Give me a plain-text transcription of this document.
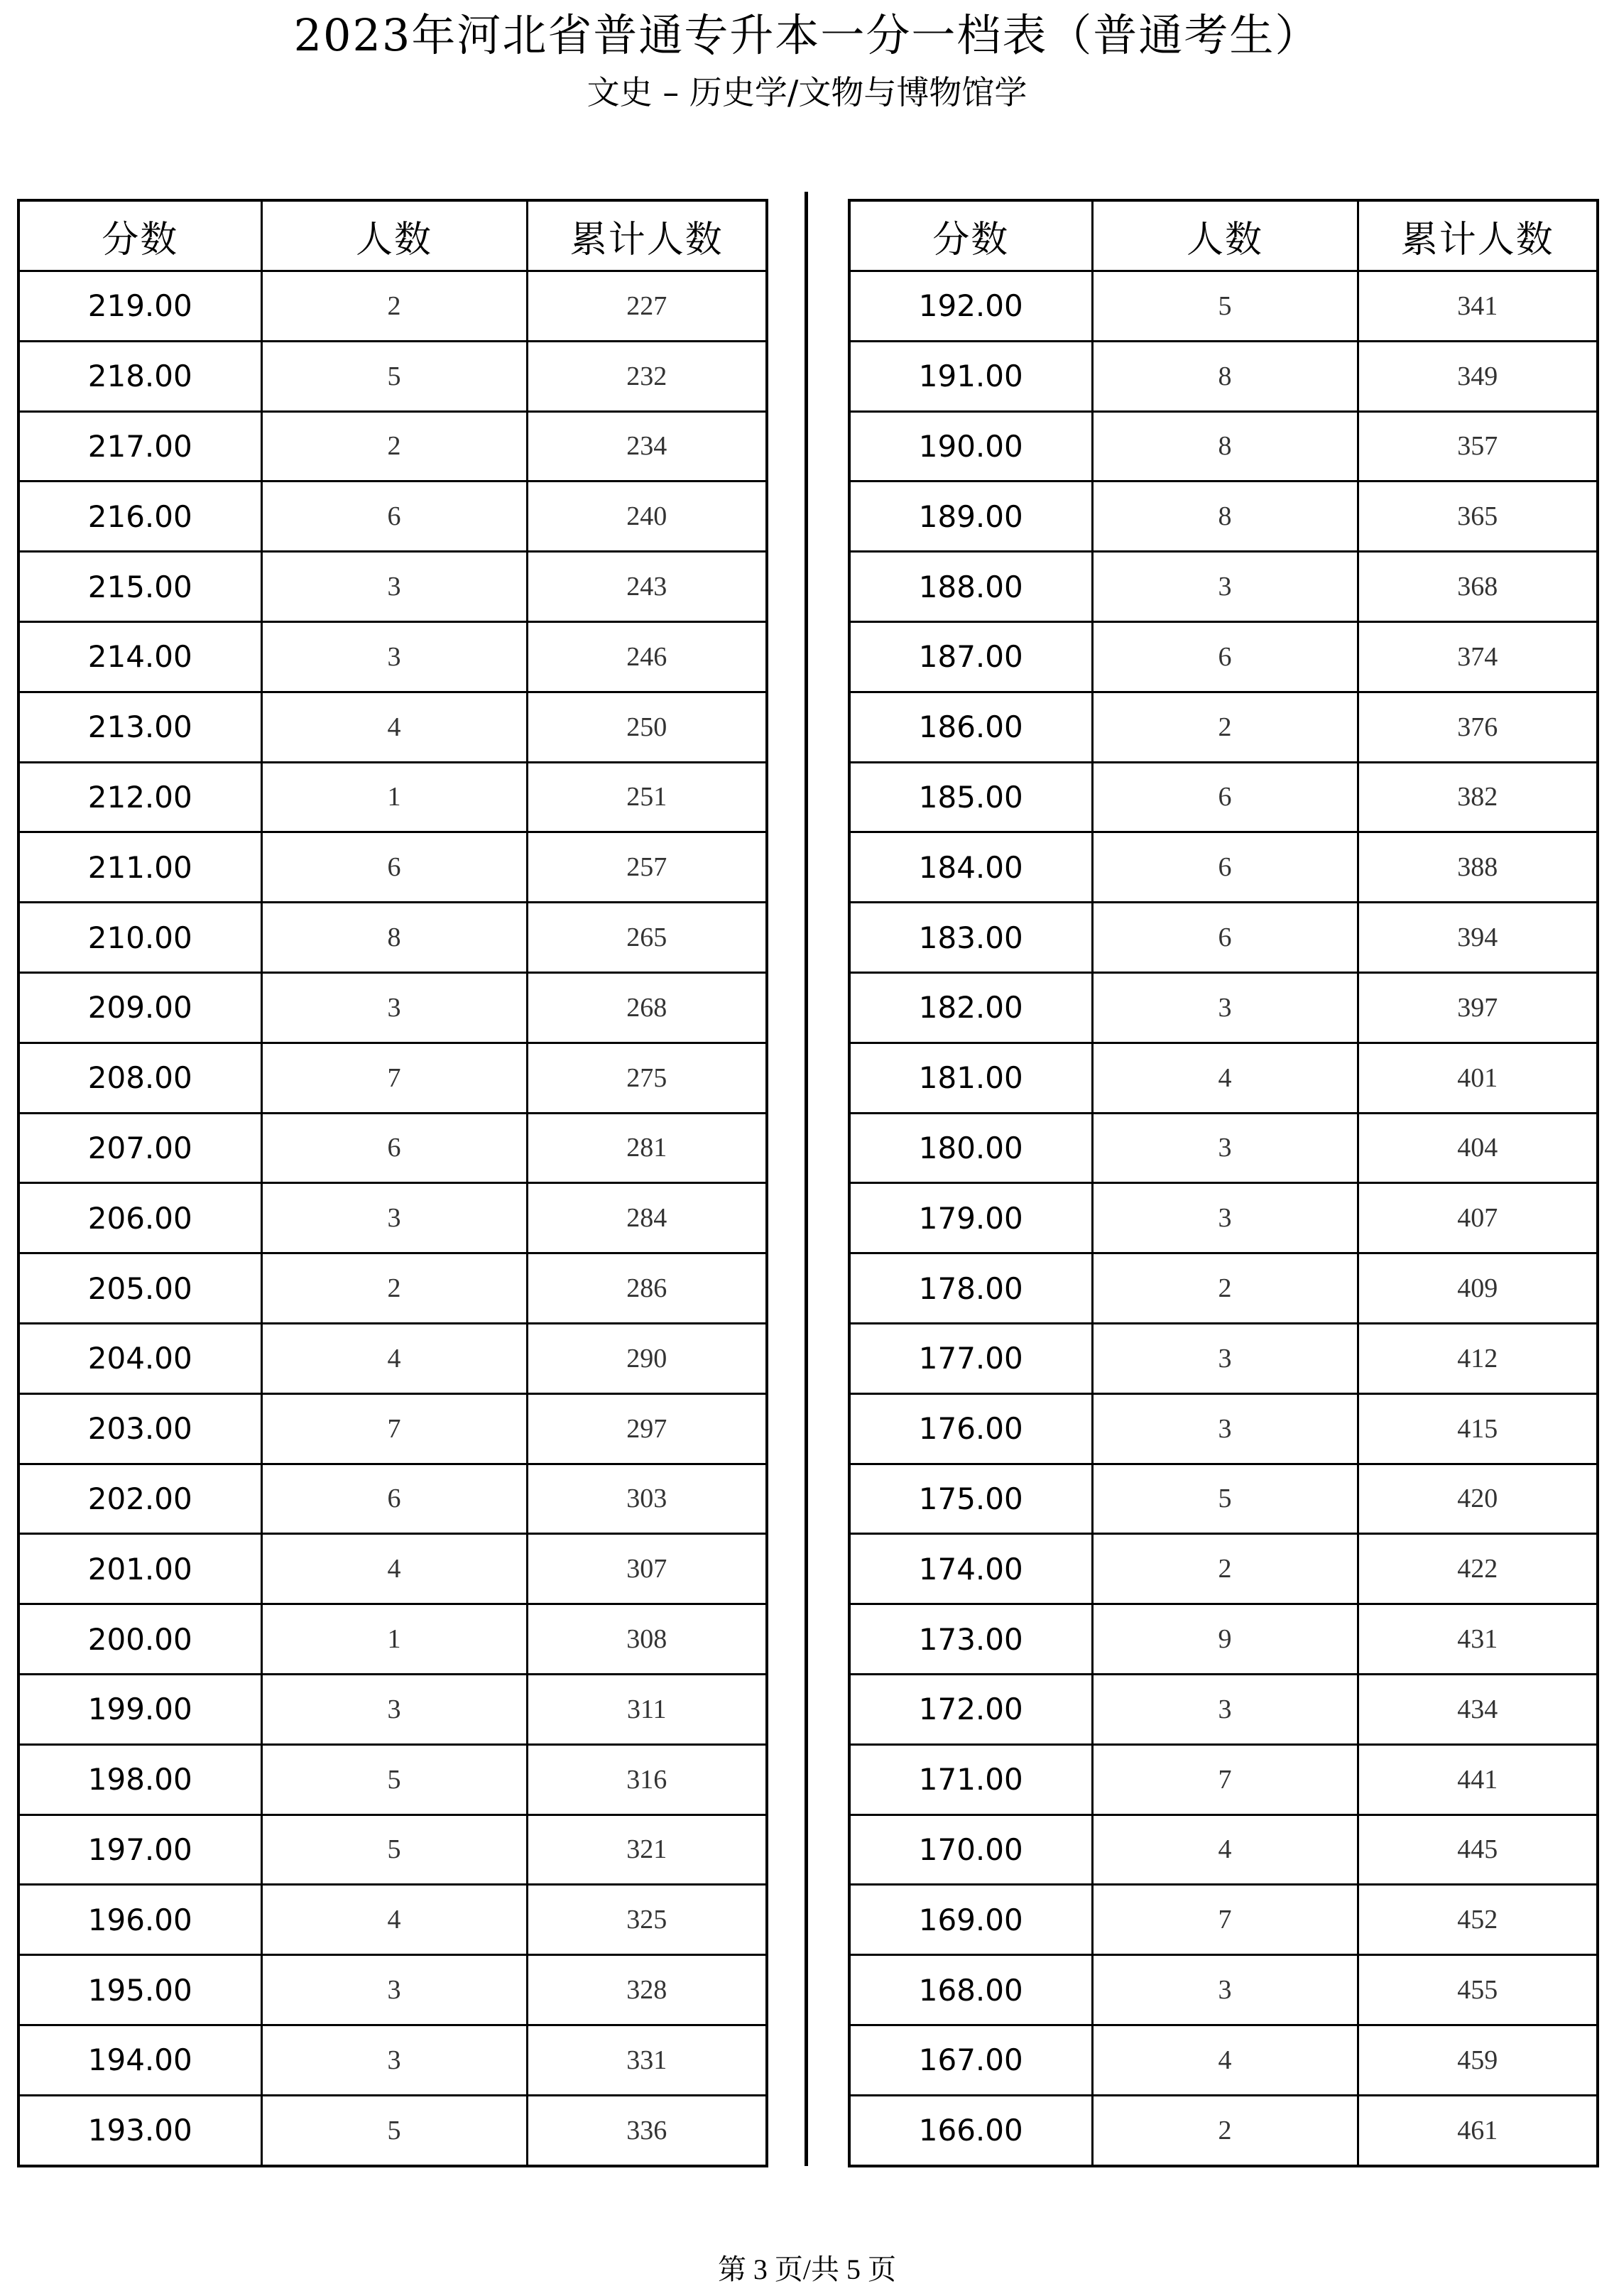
2023年河北省普通专升本一分一档表（普通考生）
文史 – 历史学/文物与博物馆学
分数	人数	累计人数
219.00	2	227
218.00	5	232
217.00	2	234
216.00	6	240
215.00	3	243
214.00	3	246
213.00	4	250
212.00	1	251
211.00	6	257
210.00	8	265
209.00	3	268
208.00	7	275
207.00	6	281
206.00	3	284
205.00	2	286
204.00	4	290
203.00	7	297
202.00	6	303
201.00	4	307
200.00	1	308
199.00	3	311
198.00	5	316
197.00	5	321
196.00	4	325
195.00	3	328
194.00	3	331
193.00	5	336
分数	人数	累计人数
192.00	5	341
191.00	8	349
190.00	8	357
189.00	8	365
188.00	3	368
187.00	6	374
186.00	2	376
185.00	6	382
184.00	6	388
183.00	6	394
182.00	3	397
181.00	4	401
180.00	3	404
179.00	3	407
178.00	2	409
177.00	3	412
176.00	3	415
175.00	5	420
174.00	2	422
173.00	9	431
172.00	3	434
171.00	7	441
170.00	4	445
169.00	7	452
168.00	3	455
167.00	4	459
166.00	2	461
第 3 页/共 5 页
